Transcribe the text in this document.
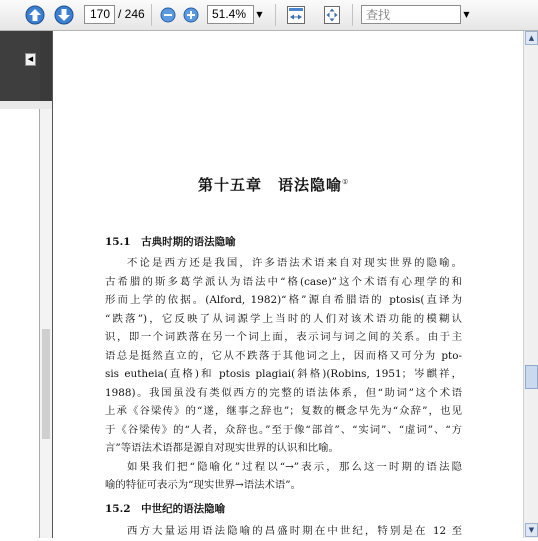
170 / 246	51.4%	▼
查找	▼
◀
第十五章　语法隐喻①
15.1　古典时期的语法隐喻
不论是西方还是我国，许多语法术语来自对现实世界的隐喻。
古希腊的斯多葛学派认为语法中“格(case)”这个术语有心理学的和
形而上学的依据。(Alford, 1982)“格”源自希腊语的 ptosis(直译为
“跌落”)，它反映了从词源学上当时的人们对该术语功能的模糊认
识，即一个词跌落在另一个词上面，表示词与词之间的关系。由于主
语总是挺然直立的，它从不跌落于其他词之上，因而格又可分为 pto-
sis eutheia(直格)和 ptosis plagiai(斜格)(Robins, 1951；岑麒祥，
1988)。我国虽没有类似西方的完整的语法体系，但“助词”这个术语
上承《谷梁传》的“遂，继事之辞也”；复数的概念早先为“众辞”，也见
于《谷梁传》的“人者，众辞也。”至于像“部首”、“实词”、“虚词”、“方
言”等语法术语都是源自对现实世界的认识和比喻。
如果我们把“隐喻化”过程以“→”表示，那么这一时期的语法隐
喻的特征可表示为“现实世界→语法术语”。
15.2　中世纪的语法隐喻
西方大量运用语法隐喻的昌盛时期在中世纪，特别是在 12 至
▲
▼
